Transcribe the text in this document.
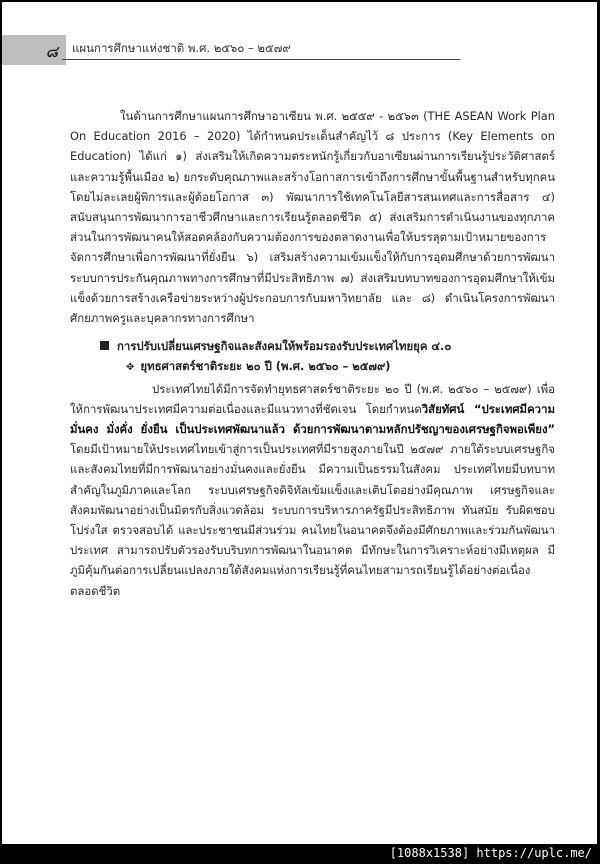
๘ แผนการศึกษาแห่งชาติ พ.ศ. ๒๕๖๐ – ๒๕๗๙

ในด้านการศึกษาแผนการศึกษาอาเซียน พ.ศ. ๒๕๕๙ - ๒๕๖๓ (THE ASEAN Work Plan On Education 2016 – 2020) ได้กำหนดประเด็นสำคัญไว้ ๘ ประการ (Key Elements on Education) ได้แก่ ๑) ส่งเสริมให้เกิดความตระหนักรู้เกี่ยวกับอาเซียนผ่านการเรียนรู้ประวัติศาสตร์และความรู้พื้นเมือง ๒) ยกระดับคุณภาพและสร้างโอกาสการเข้าถึงการศึกษาขั้นพื้นฐานสำหรับทุกคน โดยไม่ละเลยผู้พิการและผู้ด้อยโอกาส ๓) พัฒนาการใช้เทคโนโลยีสารสนเทศและการสื่อสาร ๔) สนับสนุนการพัฒนาการอาชีวศึกษาและการเรียนรู้ตลอดชีวิต ๕) ส่งเสริมการดำเนินงานของทุกภาคส่วนในการพัฒนาคนให้สอดคล้องกับความต้องการของตลาดงานเพื่อให้บรรลุตามเป้าหมายของการจัดการศึกษาเพื่อการพัฒนาที่ยั่งยืน ๖) เสริมสร้างความเข้มแข็งให้กับการอุดมศึกษาด้วยการพัฒนาระบบการประกันคุณภาพทางการศึกษาที่มีประสิทธิภาพ ๗) ส่งเสริมบทบาทของการอุดมศึกษาให้เข้มแข็งด้วยการสร้างเครือข่ายระหว่างผู้ประกอบการกับมหาวิทยาลัย และ ๘) ดำเนินโครงการพัฒนาศักยภาพครูและบุคลากรทางการศึกษา

การปรับเปลี่ยนเศรษฐกิจและสังคมให้พร้อมรองรับประเทศไทยยุค ๔.๐

✥ ยุทธศาสตร์ชาติระยะ ๒๐ ปี (พ.ศ. ๒๕๖๐ – ๒๕๗๙)

ประเทศไทยได้มีการจัดทำยุทธศาสตร์ชาติระยะ ๒๐ ปี (พ.ศ. ๒๕๖๐ – ๒๕๗๙) เพื่อให้การพัฒนาประเทศมีความต่อเนื่องและมีแนวทางที่ชัดเจน โดยกำหนดวิสัยทัศน์ “ประเทศมีความมั่นคง มั่งคั่ง ยั่งยืน เป็นประเทศพัฒนาแล้ว ด้วยการพัฒนาตามหลักปรัชญาของเศรษฐกิจพอเพียง” โดยมีเป้าหมายให้ประเทศไทยเข้าสู่การเป็นประเทศที่มีรายสูงภายในปี ๒๕๗๙ ภายใต้ระบบเศรษฐกิจและสังคมไทยที่มีการพัฒนาอย่างมั่นคงและยั่งยืน มีความเป็นธรรมในสังคม ประเทศไทยมีบทบาทสำคัญในภูมิภาคและโลก ระบบเศรษฐกิจดิจิทัลเข้มแข็งและเติบโตอย่างมีคุณภาพ เศรษฐกิจและสังคมพัฒนาอย่างเป็นมิตรกับสิ่งแวดล้อม ระบบการบริหารภาครัฐมีประสิทธิภาพ ทันสมัย รับผิดชอบ โปร่งใส ตรวจสอบได้ และประชาชนมีส่วนร่วม คนไทยในอนาคตจึงต้องมีศักยภาพและร่วมกันพัฒนาประเทศ สามารถปรับตัวรองรับบริบทการพัฒนาในอนาคต มีทักษะในการวิเคราะห์อย่างมีเหตุผล มีภูมิคุ้มกันต่อการเปลี่ยนแปลงภายใต้สังคมแห่งการเรียนรู้ที่คนไทยสามารถเรียนรู้ได้อย่างต่อเนื่องตลอดชีวิต

[1088x1538] https://uplc.me/
